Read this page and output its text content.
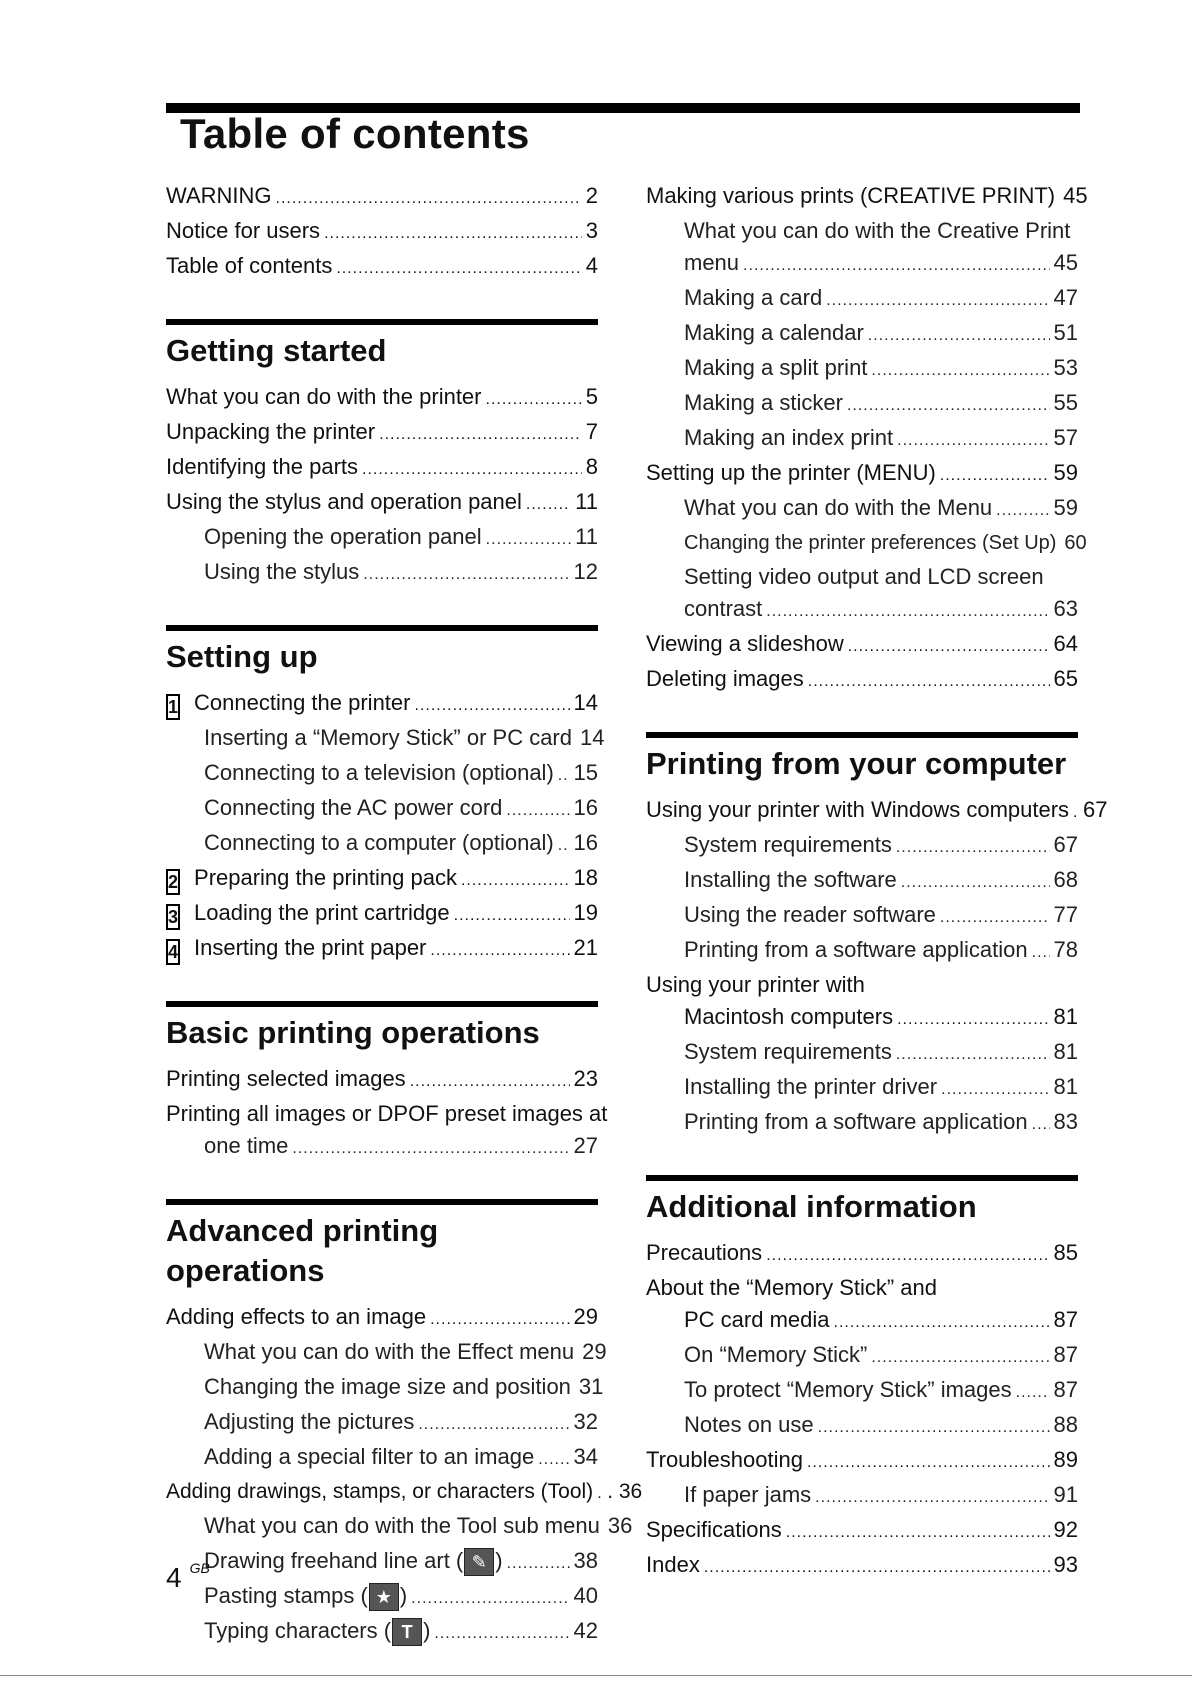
Table of contents
WARNING .....	2
Notice for users .....	3
Table of contents .....	4
Getting started
What you can do with the printer .....	5
Unpacking the printer .....	7
Identifying the parts .....	8
Using the stylus and operation panel ..... 11
Opening the operation panel .....	11
Using the stylus .....	12
Setting up
1 Connecting the printer .....	14
Inserting a “Memory Stick” or PC card 14
Connecting to a television (optional) ..... 15
Connecting the AC power cord .....	16
Connecting to a computer (optional) ..... 16
2 Preparing the printing pack .....	18
3 Loading the print cartridge .....	19
4 Inserting the print paper .....	21
Basic printing operations
Printing selected images .....	23
Printing all images or DPOF preset images at
one time .....	27
Advanced printing operations
Adding effects to an image .....	29
What you can do with the Effect menu 29
Changing the image size and position 31
Adjusting the pictures .....	32
Adding a special filter to an image ..... 34
Adding drawings, stamps, or characters (Tool) ..... . 36
What you can do with the Tool sub menu 36
Drawing freehand line art ( ✎ ) .....	38
Pasting stamps ( ★ ) .....	40
Typing characters ( T ) .....	42
Making various prints (CREATIVE PRINT) 45
What you can do with the Creative Print
menu .....	45
Making a card .....	47
Making a calendar .....	51
Making a split print .....	53
Making a sticker .....	55
Making an index print .....	57
Setting up the printer (MENU) .....	59
What you can do with the Menu .....	59
Changing the printer preferences (Set Up) 60
Setting video output and LCD screen
contrast .....	63
Viewing a slideshow .....	64
Deleting images .....	65
Printing from your computer
Using your printer with Windows computers ..... 67
System requirements .....	67
Installing the software .....	68
Using the reader software .....	77
Printing from a software application ..... 78
Using your printer with
Macintosh computers .....	81
System requirements .....	81
Installing the printer driver .....	81
Printing from a software application ..... 83
Additional information
Precautions .....	85
About the “Memory Stick” and
PC card media .....	87
On “Memory Stick” .....	87
To protect “Memory Stick” images ..... 87
Notes on use .....	88
Troubleshooting .....	89
If paper jams .....	91
Specifications .....	92
Index .....	93
4 $^{GB}$
